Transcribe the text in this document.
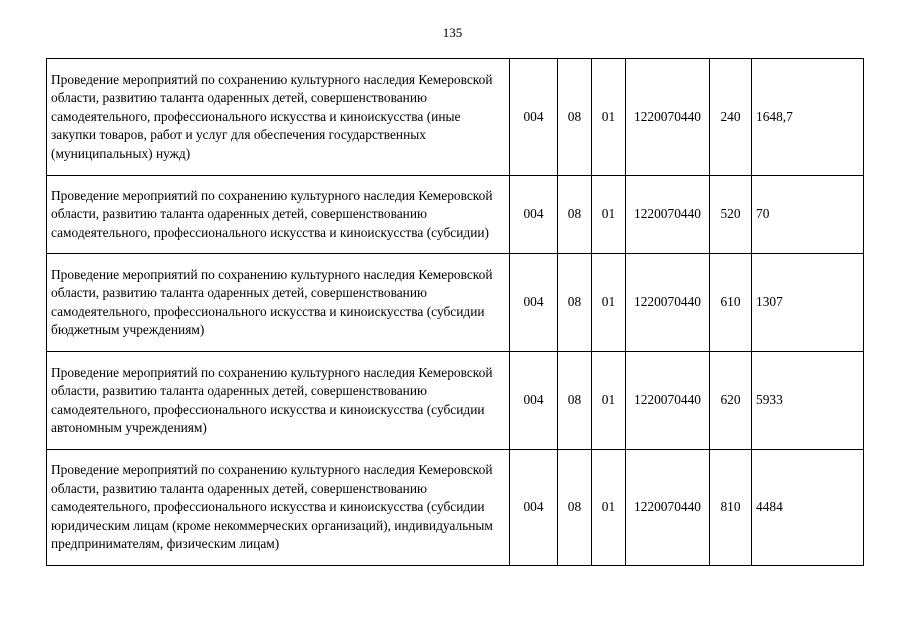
135
Проведение мероприятий по сохранению культурного наследия Кемеровской области, развитию таланта одаренных детей, совершенствованию самодеятельного, профессионального искусства и киноискусства (иные закупки товаров, работ и услуг для обеспечения государственных (муниципальных) нужд)	004	08	01	1220070440	240	1648,7
Проведение мероприятий по сохранению культурного наследия Кемеровской области, развитию таланта одаренных детей, совершенствованию самодеятельного, профессионального искусства и киноискусства (субсидии)	004	08	01	1220070440	520	70
Проведение мероприятий по сохранению культурного наследия Кемеровской области, развитию таланта одаренных детей, совершенствованию самодеятельного, профессионального искусства и киноискусства (субсидии бюджетным учреждениям)	004	08	01	1220070440	610	1307
Проведение мероприятий по сохранению культурного наследия Кемеровской области, развитию таланта одаренных детей, совершенствованию самодеятельного, профессионального искусства и киноискусства (субсидии автономным учреждениям)	004	08	01	1220070440	620	5933
Проведение мероприятий по сохранению культурного наследия Кемеровской области, развитию таланта одаренных детей, совершенствованию самодеятельного, профессионального искусства и киноискусства (субсидии юридическим лицам (кроме некоммерческих организаций), индивидуальным предпринимателям, физическим лицам)	004	08	01	1220070440	810	4484
